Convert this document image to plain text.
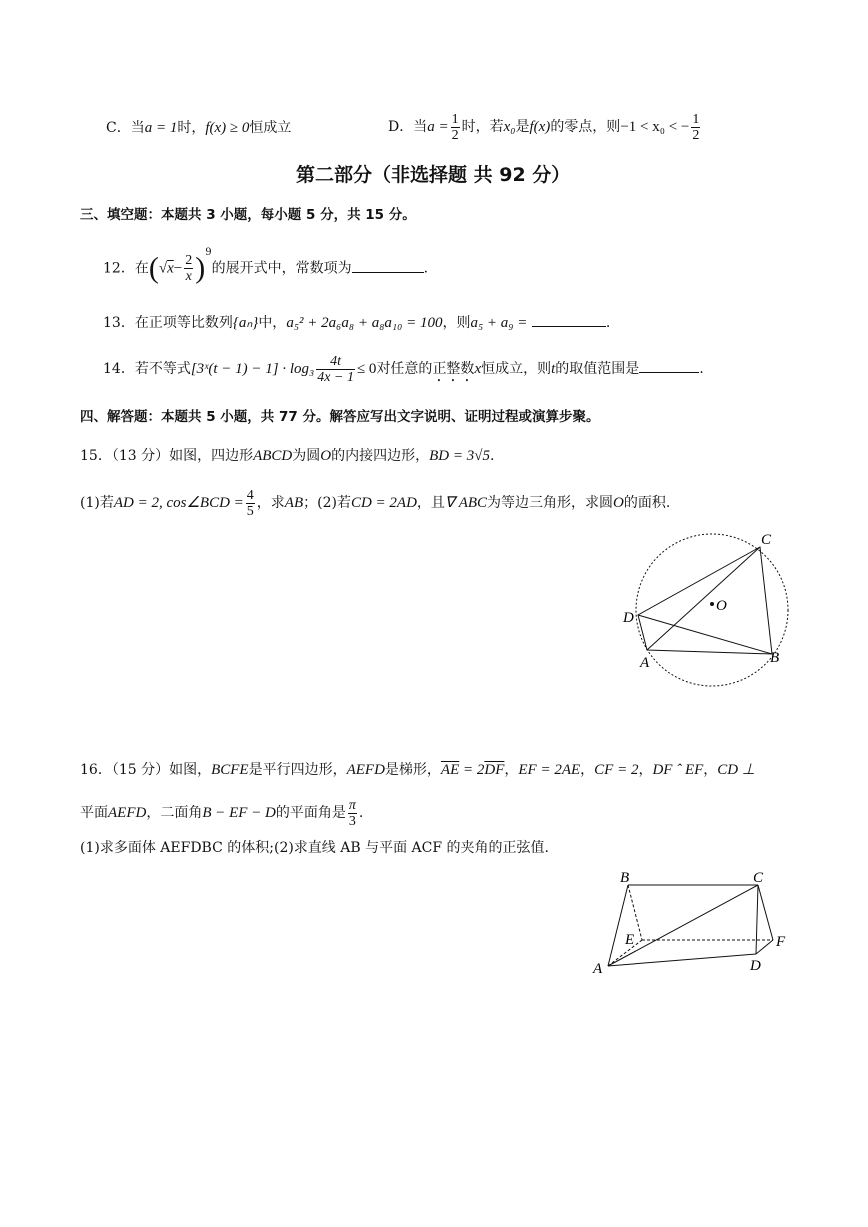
C．当a = 1时，f(x) ≥ 0恒成立	D．当$a = \frac{1}{2}$ 时，若x₀是f(x)的零点，则−1 < x₀ < − $\frac{1}{2}$
第二部分（非选择题 共 92 分）
三、填空题：本题共 3 小题，每小题 5 分，共 15 分。
12．在$(√x- \frac{2}{x} )^9$的展开式中，常数项为	.
13．在正项等比数列{aₙ}中，a₅² + 2a₆a₈ + a₈a₁₀ = 100，则a₅ + a₉ =	.
14．若不等式[3ˣ(t − $1) - 1] \cdot \log_3 \frac{4t}{4x - 1} \le 0$对任意的正整数x恒成立，则t的取值范围是	.
四、解答题：本题共 5 小题，共 77 分。解答应写出文字说明、证明过程或演算步聚。
15．（13 分）如图，四边形ABCD为圆O的内接四边形，BD = 3√5.
(1)若AD = 2, cos∠BCD = $\frac{4}{5}$ ，求AB；(2)若CD = 2AD，且∇ ABC为等边三角形，求圆O的面积.
C
O
D
A	B
16．（15 分）如图，BCFE是平行四边形，AEFD是梯形，$\overline{AE} = 2\overline{DF}$，EF = 2AE，CF = 2，DF ˆ EF，CD ⊥
平面AEFD，二面角B − EF − D的平面角是 $\frac{\pi}{3}$ .
(1)求多面体 AEFDBC 的体积;(2)求直线 AB 与平面 ACF 的夹角的正弦值.
B	C
E	F
A	D
